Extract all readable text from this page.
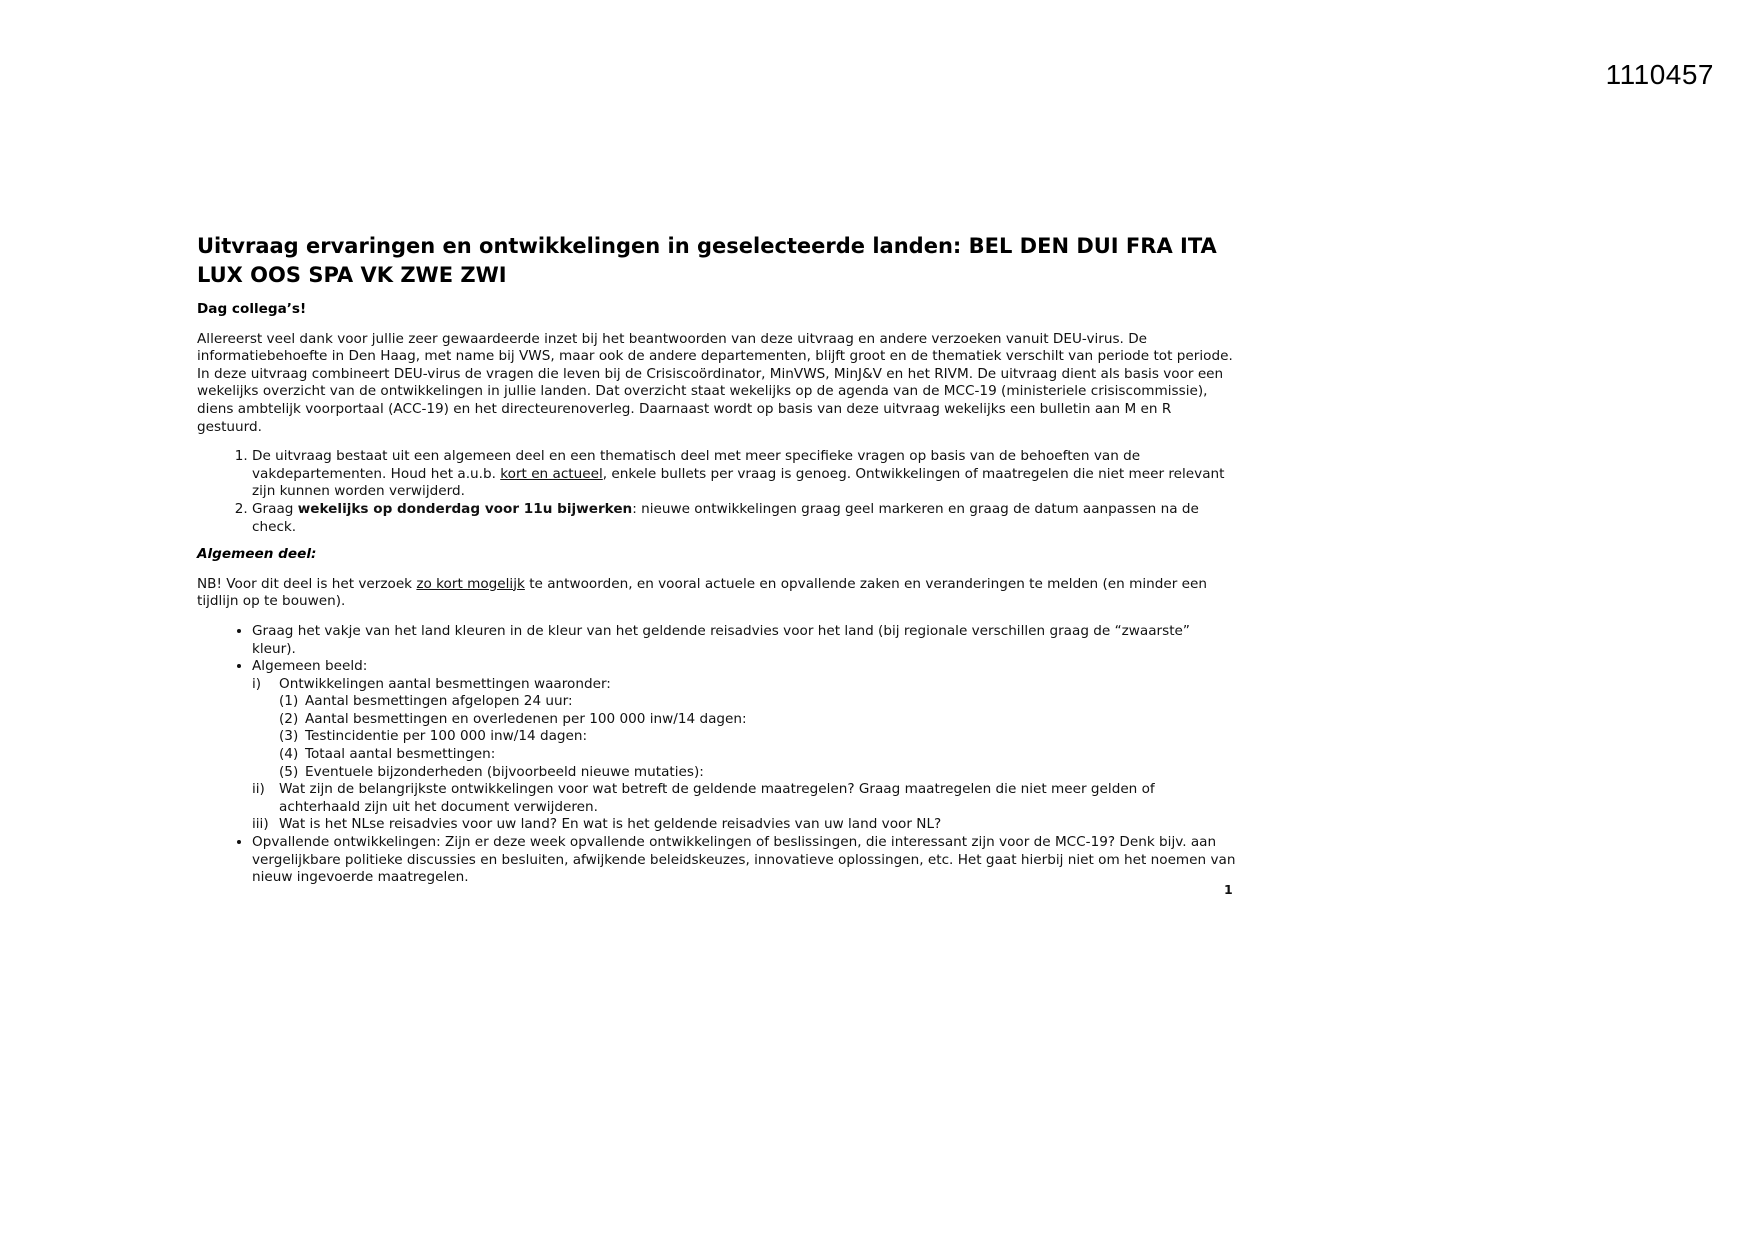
1110457
Uitvraag ervaringen en ontwikkelingen in geselecteerde landen: BEL DEN DUI FRA ITA
LUX OOS SPA VK ZWE ZWI
Dag collega’s!

Allereerst veel dank voor jullie zeer gewaardeerde inzet bij het beantwoorden van deze uitvraag en andere verzoeken vanuit DEU-virus. De informatiebehoefte in Den Haag, met name bij VWS, maar ook de andere departementen, blijft groot en de thematiek verschilt van periode tot periode. In deze uitvraag combineert DEU-virus de vragen die leven bij de Crisiscoördinator, MinVWS, MinJ&V en het RIVM. De uitvraag dient als basis voor een wekelijks overzicht van de ontwikkelingen in jullie landen. Dat overzicht staat wekelijks op de agenda van de MCC-19 (ministeriele crisiscommissie), diens ambtelijk voorportaal (ACC-19) en het directeurenoverleg. Daarnaast wordt op basis van deze uitvraag wekelijks een bulletin aan M en R gestuurd.

1. De uitvraag bestaat uit een algemeen deel en een thematisch deel met meer specifieke vragen op basis van de behoeften van de vakdepartementen. Houd het a.u.b. kort en actueel, enkele bullets per vraag is genoeg. Ontwikkelingen of maatregelen die niet meer relevant zijn kunnen worden verwijderd.
2. Graag wekelijks op donderdag voor 11u bijwerken: nieuwe ontwikkelingen graag geel markeren en graag de datum aanpassen na de check.
Algemeen deel:

NB! Voor dit deel is het verzoek zo kort mogelijk te antwoorden, en vooral actuele en opvallende zaken en veranderingen te melden (en minder een tijdlijn op te bouwen).

• Graag het vakje van het land kleuren in de kleur van het geldende reisadvies voor het land (bij regionale verschillen graag de “zwaarste” kleur).
• Algemeen beeld:
i)	Ontwikkelingen aantal besmettingen waaronder:
(1) Aantal besmettingen afgelopen 24 uur:
(2) Aantal besmettingen en overledenen per 100 000 inw/14 dagen:
(3) Testincidentie per 100 000 inw/14 dagen:
(4) Totaal aantal besmettingen:
(5) Eventuele bijzonderheden (bijvoorbeeld nieuwe mutaties):
ii)	Wat zijn de belangrijkste ontwikkelingen voor wat betreft de geldende maatregelen? Graag maatregelen die niet meer gelden of achterhaald zijn uit het document verwijderen.
iii) Wat is het NLse reisadvies voor uw land? En wat is het geldende reisadvies van uw land voor NL?
• Opvallende ontwikkelingen: Zijn er deze week opvallende ontwikkelingen of beslissingen, die interessant zijn voor de MCC-19? Denk bijv. aan vergelijkbare politieke discussies en besluiten, afwijkende beleidskeuzes, innovatieve oplossingen, etc. Het gaat hierbij niet om het noemen van nieuw ingevoerde maatregelen.
1
